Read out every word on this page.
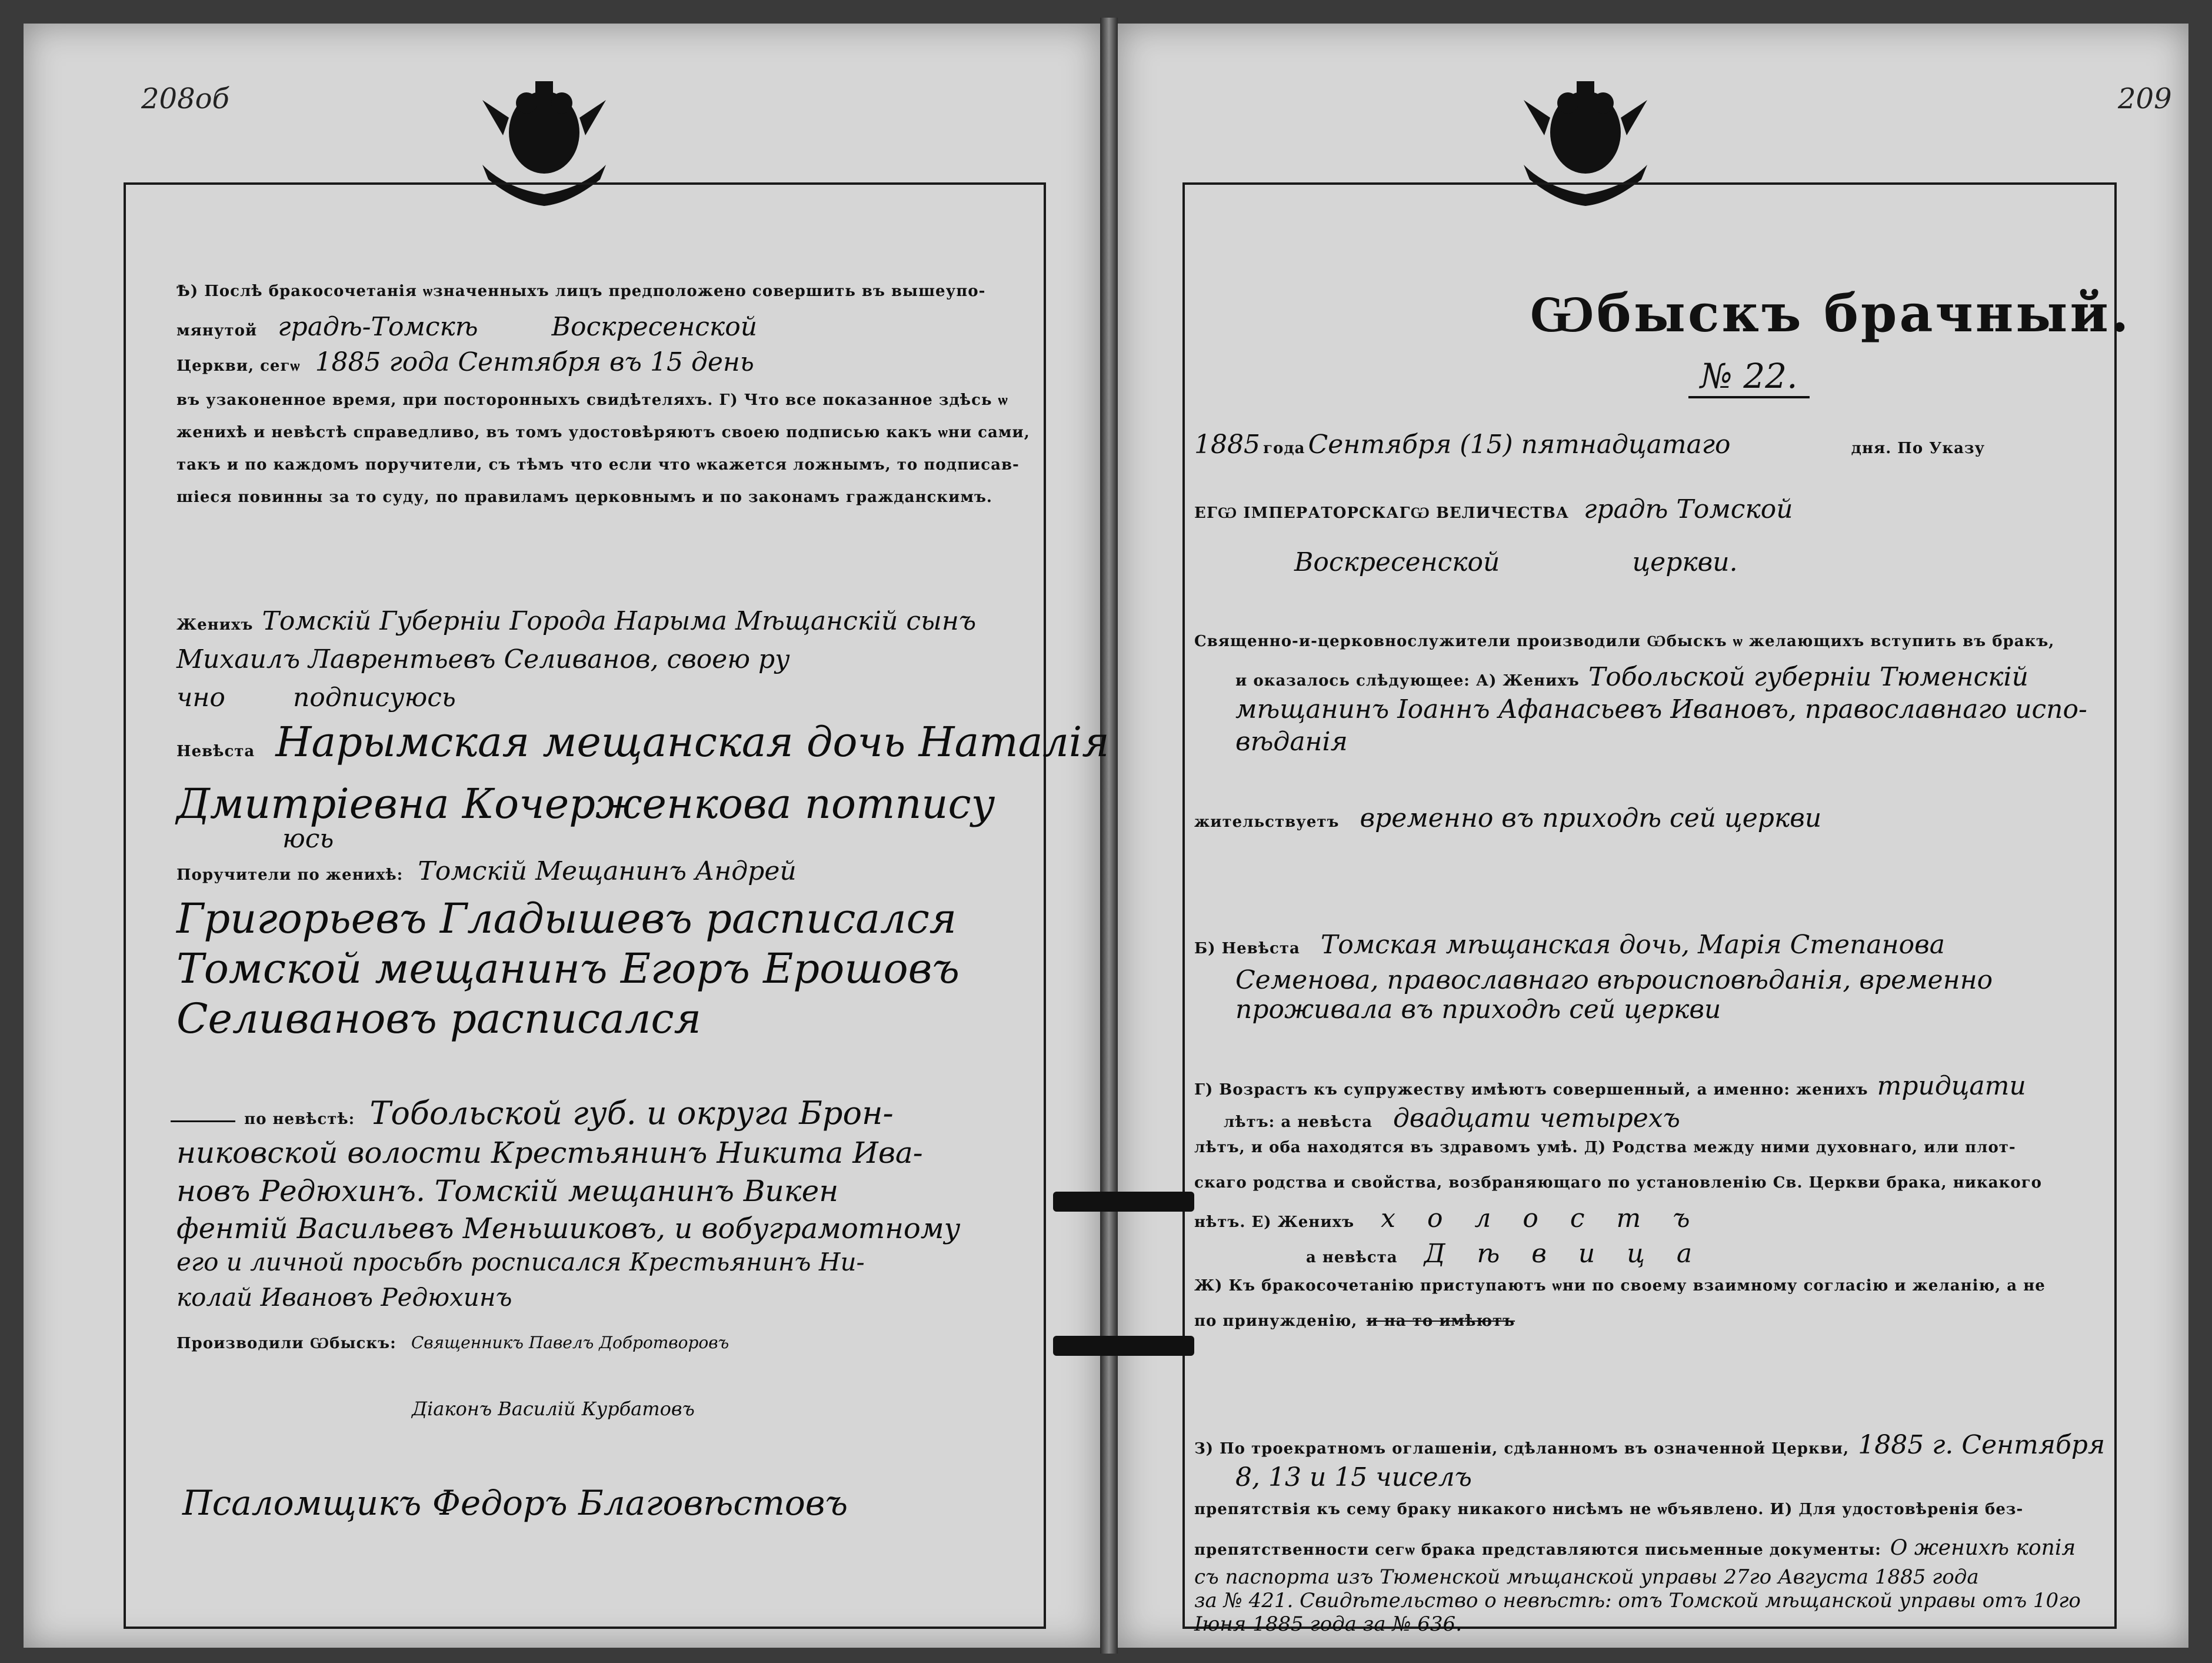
208об
Ѣ) Послѣ бракосочетанія ѡзначенныхъ лицъ предположено совершить въ вышеупо-
мянутой градѣ-Томскѣ	Воскресенской
Церкви, сегѡ 1885 года Сентября въ 15 день
въ узаконенное время, при посторонныхъ свидѣтеляхъ. Г) Что все показанное здѣсь ѡ
женихѣ и невѣстѣ справедливо, въ томъ удостовѣряютъ своею подписью какъ ѡни сами,
такъ и по каждомъ поручители, съ тѣмъ что если что ѡкажется ложнымъ, то подписав-
шіеся повинны за то суду, по правиламъ церковнымъ и по законамъ гражданскимъ.
Женихъ Томскій Губерніи Города Нарыма Мѣщанскій сынъ
Михаилъ Лаврентьевъ Селиванов, своею ру
чно	подписуюсь
Невѣста Нарымская мещанская дочь Наталія
Дмитріевна Кочерженкова потпису
юсь
Поручители по женихѣ: Томскій Мещанинъ Андрей
Григорьевъ Гладышевъ расписался
Томской мещанинъ Егоръ Ерошовъ
Селивановъ расписался
по невѣстѣ: Тобольской губ. и округа Брон-
никовской волости Крестьянинъ Никита Ива-
новъ Редюхинъ. Томскій мещанинъ Викен
фентій Васильевъ Меньшиковъ, и вобуграмотному
его и личной просьбѣ росписался Крестьянинъ Ни-
колай Ивановъ Редюхинъ
Производили Ѡбыскъ: Священникъ Павелъ Добротворовъ
Діаконъ Василій Курбатовъ
Псаломщикъ Федоръ Благовѣстовъ
209
Ѡбыскъ брачный.
№ 22.
1885 года Сентября (15) пятнадцатаго	дня. По Указу
ЕГѠ ІМПЕРАТОРСКАГѠ ВЕЛИЧЕСТВА градѣ Томской
Воскресенской	церкви.
Священно-и-церковнослужители производили Ѡбыскъ ѡ желающихъ вступить въ бракъ,
и оказалось слѣдующее: А) Женихъ Тобольской губерніи Тюменскій
мѣщанинъ Іоаннъ Афанасьевъ Ивановъ, православнаго испо-
вѣданія
жительствуетъ временно въ приходѣ сей церкви
Б) Невѣста Томская мѣщанская дочь, Марія Степанова
Семенова, православнаго вѣроисповѣданія, временно
проживала въ приходѣ сей церкви
Г) Возрастъ къ супружеству имѣютъ совершенный, а именно: женихъ тридцати
лѣтъ: а невѣста двадцати четырехъ
лѣтъ, и оба находятся въ здравомъ умѣ. Д) Родства между ними духовнаго, или плот-
скаго родства и свойства, возбраняющаго по установленію Св. Церкви брака, никакого
нѣтъ. Е) Женихъ х о л о с т ъ
а невѣста Д ѣ в и ц а
Ж) Къ бракосочетанію приступаютъ ѡни по своему взаимному согласію и желанію, а не
по принужденію, и на то имѣютъ
З) По троекратномъ оглашеніи, сдѣланномъ въ означенной Церкви, 1885 г. Сентября
8, 13 и 15 чиселъ
препятствія къ сему браку никакого нисѣмъ не ѡбъявлено. И) Для удостовѣренія без-
препятственности сегѡ брака представляются письменные документы: О женихѣ копія
съ паспорта изъ Тюменской мѣщанской управы 27го Августа 1885 года
за № 421. Свидѣтельство о невѣстѣ: отъ Томской мѣщанской управы отъ 10го
Іюня 1885 года за № 636.
